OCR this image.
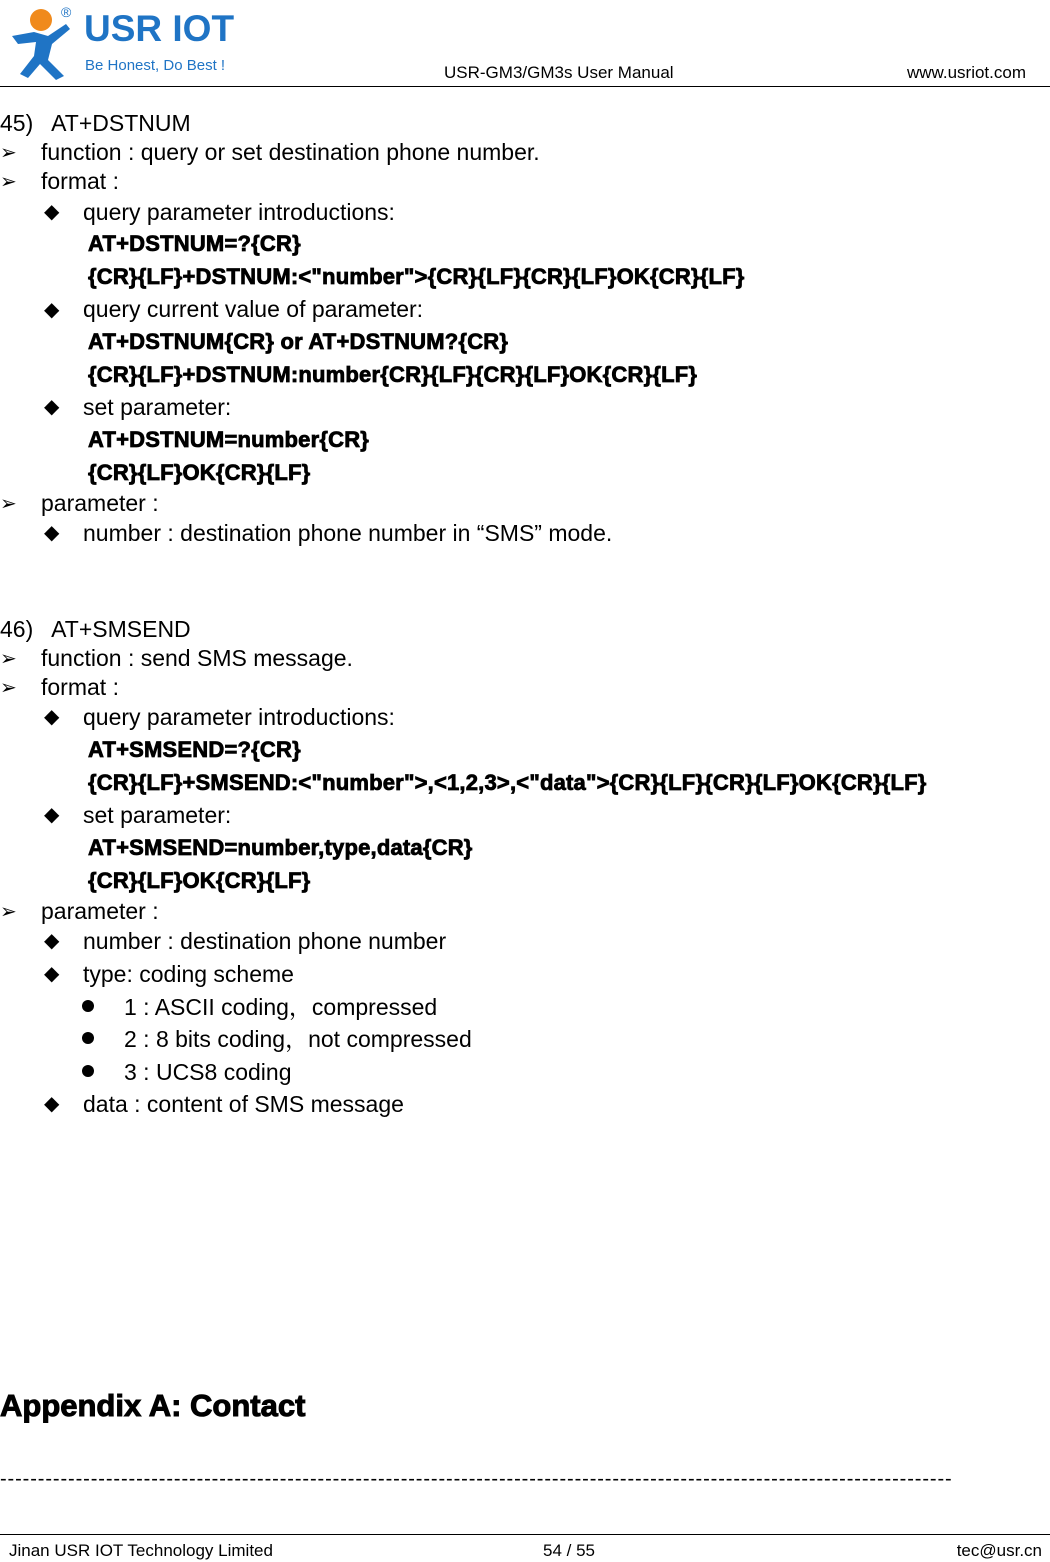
USR IOT
®
Be Honest, Do Best !	USR-GM3/GM3s User Manual	www.usriot.com
45)   AT+DSTNUM
➢ function : query or set destination phone number.
➢ format :
◆ query parameter introductions:
AT+DSTNUM=?{CR}
{CR}{LF}+DSTNUM:<"number">{CR}{LF}{CR}{LF}OK{CR}{LF}
◆ query current value of parameter:
AT+DSTNUM{CR} or AT+DSTNUM?{CR}
{CR}{LF}+DSTNUM:number{CR}{LF}{CR}{LF}OK{CR}{LF}
◆ set parameter:
AT+DSTNUM=number{CR}
{CR}{LF}OK{CR}{LF}
➢ parameter :
◆ number : destination phone number in “SMS” mode.
46)   AT+SMSEND
➢ function : send SMS message.
➢ format :
◆ query parameter introductions:
AT+SMSEND=?{CR}
{CR}{LF}+SMSEND:<"number">,<1,2,3>,<"data">{CR}{LF}{CR}{LF}OK{CR}{LF}
◆ set parameter:
AT+SMSEND=number,type,data{CR}
{CR}{LF}OK{CR}{LF}
➢ parameter :
◆ number : destination phone number
◆ type: coding scheme
1 : ASCII coding，compressed
2 : 8 bits coding，not compressed
3 : UCS8 coding
◆ data : content of SMS message
Appendix A: Contact
------------------------------------------------------------------------------------------------------------------------------
Jinan USR IOT Technology Limited	54 / 55	tec@usr.cn
